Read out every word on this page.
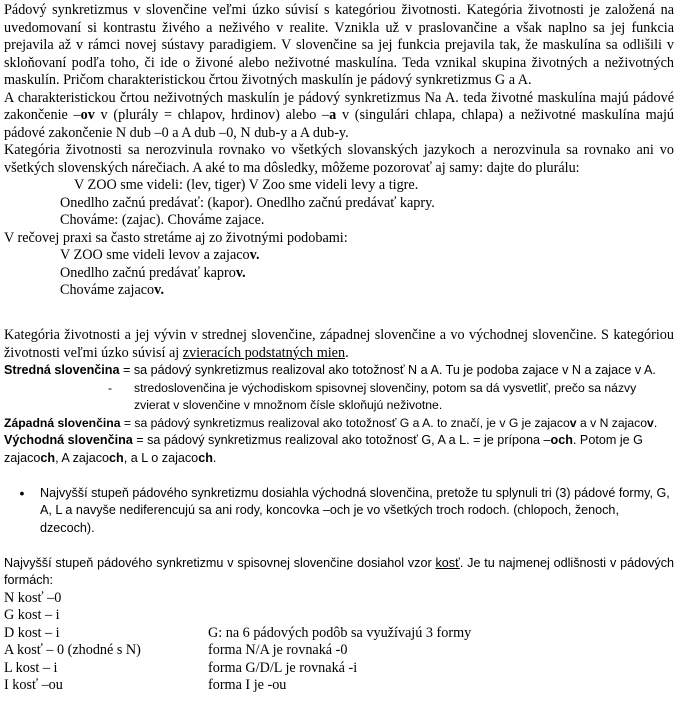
Pádový synkretizmus v slovenčine veľmi úzko súvisí s kategóriou životnosti. Kategória životnosti je založená na uvedomovaní si kontrastu živého a neživého v realite. Vznikla už v praslovančine a však naplno sa jej funkcia prejavila až v rámci novej sústavy paradigiem. V slovenčine sa jej funkcia prejavila tak, že maskulína sa odlišili v skloňovaní podľa toho, či ide o živoné alebo neživotné maskulína. Teda vznikal skupina životných a neživotných maskulín. Pričom charakteristickou črtou životných maskulín je pádový synkretizmus G a A.

A charakteristickou črtou neživotných maskulín je pádový synkretizmus Na A. teda životné maskulína majú pádové zakončenie –ov v (plurály = chlapov, hrdinov) alebo –a v (singulári chlapa, chlapa) a neživotné maskulína majú pádové zakončenie N dub –0 a A dub –0, N dub-y a A dub-y.

Kategória životnosti sa nerozvinula rovnako vo všetkých slovanských jazykoch a nerozvinula sa rovnako ani vo všetkých slovenských nárečiach. A aké to ma dôsledky, môžeme pozorovať aj samy: dajte do plurálu:

V ZOO sme videli: (lev, tiger) V Zoo sme videli levy a tigre.

Onedlho začnú predávať: (kapor). Onedlho začnú predávať kapry.

Chováme: (zajac). Chováme zajace.

V rečovej praxi sa často stretáme aj zo životnými podobami:

V ZOO sme videli levov a zajacov.

Onedlho začnú predávať kaprov.

Chováme zajacov.

Kategória životnosti a jej vývin v strednej slovenčine, západnej slovenčine a vo východnej slovenčine. S kategóriou životnosti veľmi úzko súvisí aj zvieracích podstatných mien.

Stredná slovenčina = sa pádový synkretizmus realizoval ako totožnosť N a A. Tu je podoba zajace v N a zajace v A.

-	stredoslovenčina je východiskom spisovnej slovenčiny, potom sa dá vysvetliť, prečo sa názvy zvierat v slovenčine v množnom čísle skloňujú neživotne.

Západná slovenčina = sa pádový synkretizmus realizoval ako totožnosť G a A. to značí, je v G je zajacov a v N zajacov.

Východná slovenčina = sa pádový synkretizmus realizoval ako totožnosť G, A a L. = je prípona –och. Potom je G zajacoch, A zajacoch, a L o zajacoch.

•	Najvyšší stupeň pádového synkretizmu dosiahla východná slovenčina, pretože tu splynuli tri (3) pádové formy, G, A, L a navyše nediferencujú sa ani rody, koncovka –och je vo všetkých troch rodoch. (chlopoch, ženoch, dzecoch).

Najvyšší stupeň pádového synkretizmu v spisovnej slovenčine dosiahol vzor kosť. Je tu najmenej odlišnosti v pádových formách:

N kosť –0
G kost – i
D kost – i	G: na 6 pádových podôb sa využívajú 3 formy
A kosť – 0 (zhodné s N)	forma N/A je rovnaká -0
L kost – i	forma G/D/L je rovnaká -i
I kosť –ou	forma I je -ou
